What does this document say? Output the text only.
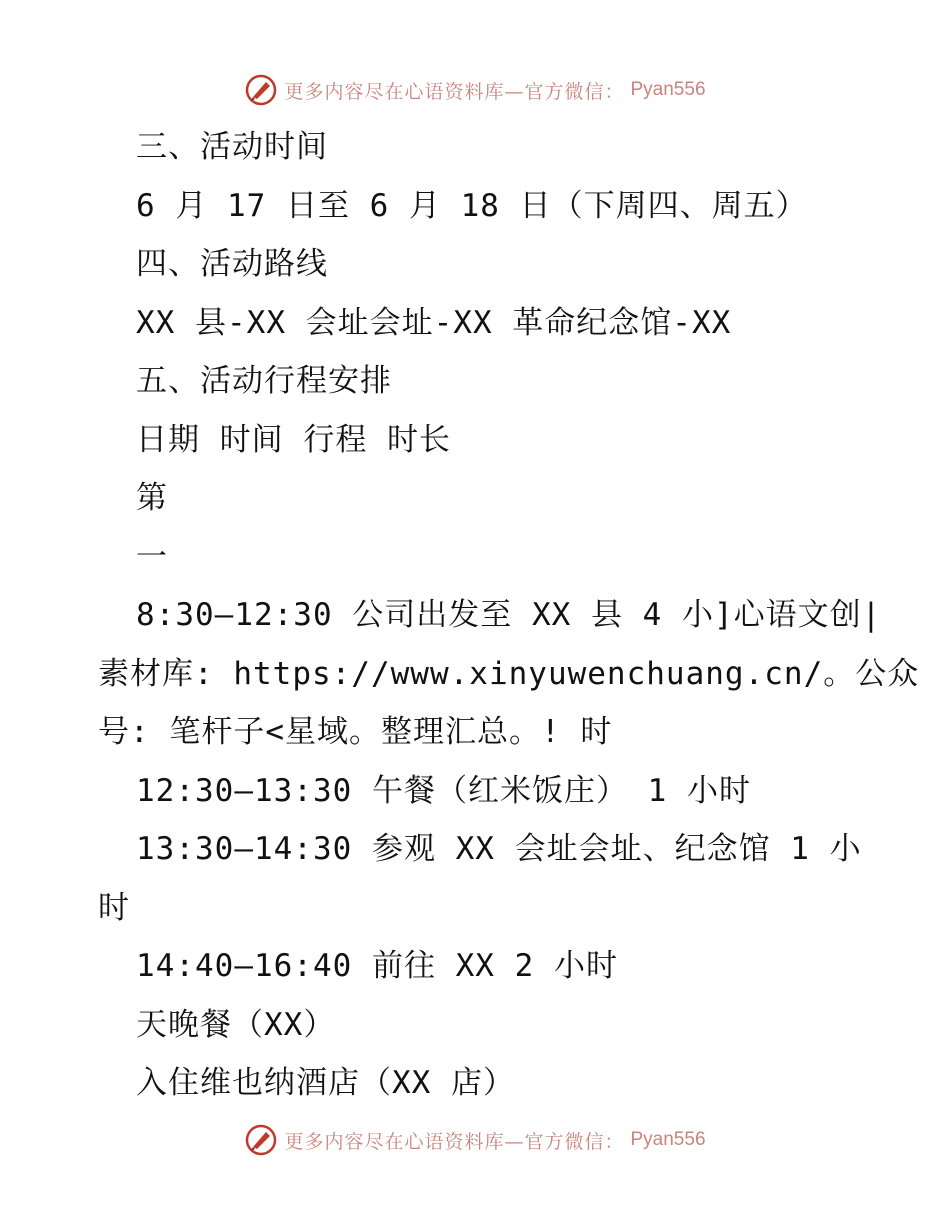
更多内容尽在心语资料库—官方微信： Pyan556
三、活动时间
6 月 17 日至 6 月 18 日（下周四、周五）
四、活动路线
XX 县-XX 会址会址-XX 革命纪念馆-XX
五、活动行程安排
日期 时间 行程 时长
第
一
8:30—12:30 公司出发至 XX 县 4 小]心语文创|
素材库: https://www.xinyuwenchuang.cn/。公众
号: 笔杆子<星域。整理汇总。! 时
12:30—13:30 午餐（红米饭庄） 1 小时
13:30—14:30 参观 XX 会址会址、纪念馆 1 小
时
14:40—16:40 前往 XX 2 小时
天晚餐（XX）
入住维也纳酒店（XX 店）
更多内容尽在心语资料库—官方微信： Pyan556
